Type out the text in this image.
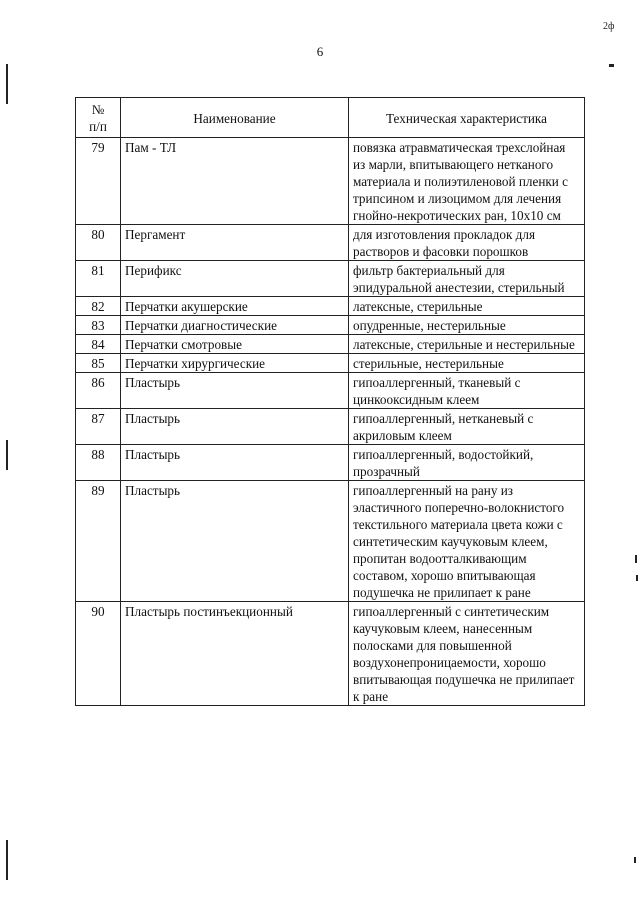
6
2ф
№
п/п	Наименование	Техническая характеристика
79	Пам - ТЛ	повязка атравматическая трехслойная из марли, впитывающего нетканого материала и полиэтиленовой пленки с трипсином и лизоцимом для лечения гнойно-некротических ран, 10х10 см
80	Пергамент	для изготовления прокладок для растворов и фасовки порошков
81	Перификс	фильтр бактериальный для эпидуральной анестезии, стерильный
82	Перчатки акушерские	латексные, стерильные
83	Перчатки диагностические	опудренные, нестерильные
84	Перчатки смотровые	латексные, стерильные и нестерильные
85	Перчатки хирургические	стерильные, нестерильные
86	Пластырь	гипоаллергенный, тканевый с цинкооксидным клеем
87	Пластырь	гипоаллергенный, нетканевый с акриловым клеем
88	Пластырь	гипоаллергенный, водостойкий, прозрачный
89	Пластырь	гипоаллергенный на рану из эластичного поперечно-волокнистого текстильного материала цвета кожи с синтетическим каучуковым клеем, пропитан водоотталкивающим составом, хорошо впитывающая подушечка не прилипает к ране
90	Пластырь постинъекционный	гипоаллергенный с синтетическим каучуковым клеем, нанесенным полосками для повышенной воздухонепроницаемости, хорошо впитывающая подушечка не прилипает к ране
